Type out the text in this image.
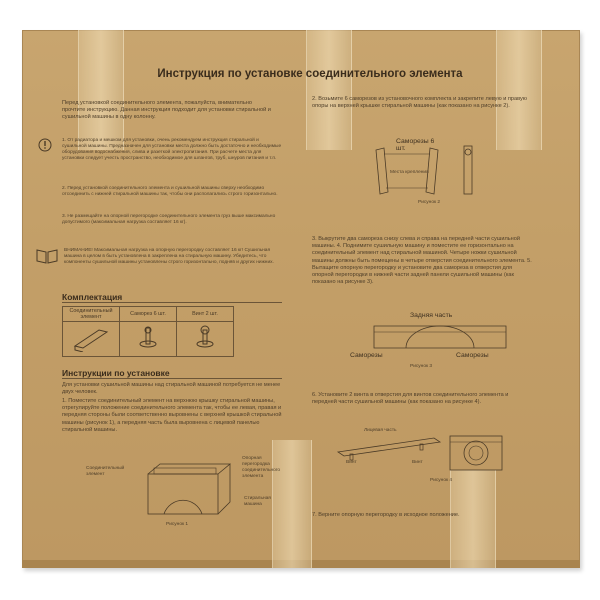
Инструкция по установке соединительного элемента
Перед установкой соединительного элемента, пожалуйста, внимательно прочтите инструкцию. Данная инструкция подходит для установки стиральной и сушильной машины в одну колонну.
1. От радиатора и мешком для установки, очень рекомендуем инструкция стиральной и сушильной машины. Предназначен для установки места должно быть достаточно и необходимые оборудования водоснабжения, слива и разеткой электропитания. При расчете места для установки следует учесть пространство, необходимое для шлангов, труб, шнуров питания и т.п.
2. Перед установкой соединительного элемента и сушильной машины сверху необходимо отсоединить с нижней стиральной машины так, чтобы они располагались строго горизонтально.
3. Не размещайте на опорной перегородке соединительного элемента груз выше максимально допустимого (максимальная нагрузка составляет 16 кг).
ВНИМАНИЕ! Максимальная нагрузка на опорную перегородку составляет 16 кг! Сушильная машина в целом в быть установлена в закреплена на стиральную машину. Убедитесь, что компоненты сушильной машины установлены строго горизонтально, подняв и других нижних.
Комплектация
Соединительный элемент	Саморез 6 шт.	Винт 2 шт.

Инструкции по установке
Для установки сушильной машины над стиральной машиной потребуется не менее двух человек.
1. Поместите соединительный элемент на верхнюю крышку стиральной машины, отрегулируйте положение соединительного элемента так, чтобы ее левая, правая и передняя стороны были соответственно выровнены с верхней крышкой стиральной машины (рисунок 1), а передняя часть была выровнена с лицевой панелью стиральной машины.
Соединительный элемент
Опорная перегородка соединительного элемента
Стиральная машина
Рисунок 1
2. Возьмите 6 саморезов из установочного комплекта и закрепите левую и правую опоры на верхней крышке стиральной машины (как показано на рисунке 2).
Саморезы 6 шт.
Места крепления
Рисунок 2
3. Выкрутите два самореза снизу слева и справа на передней части сушильной машины. 4. Поднимите сушильную машину и поместите ее горизонтально на соединительный элемент над стиральной машиной. Четыре ножки сушильной машины должны быть помещены в четыре отверстия соединительного элемента. 5. Вытащите опорную перегородку и установите два самореза в отверстия для опорной перегородки в нижней части задней панели сушильной машины (как показано на рисунке 3).
Задняя часть
Саморезы	Саморезы
Рисунок 3
6. Установите 2 винта в отверстия для винтов соединительного элемента и передней части сушильной машины (как показано на рисунке 4).
Лицевая часть
Винт	Винт
Рисунок 4
7. Верните опорную перегородку в исходное положение.
